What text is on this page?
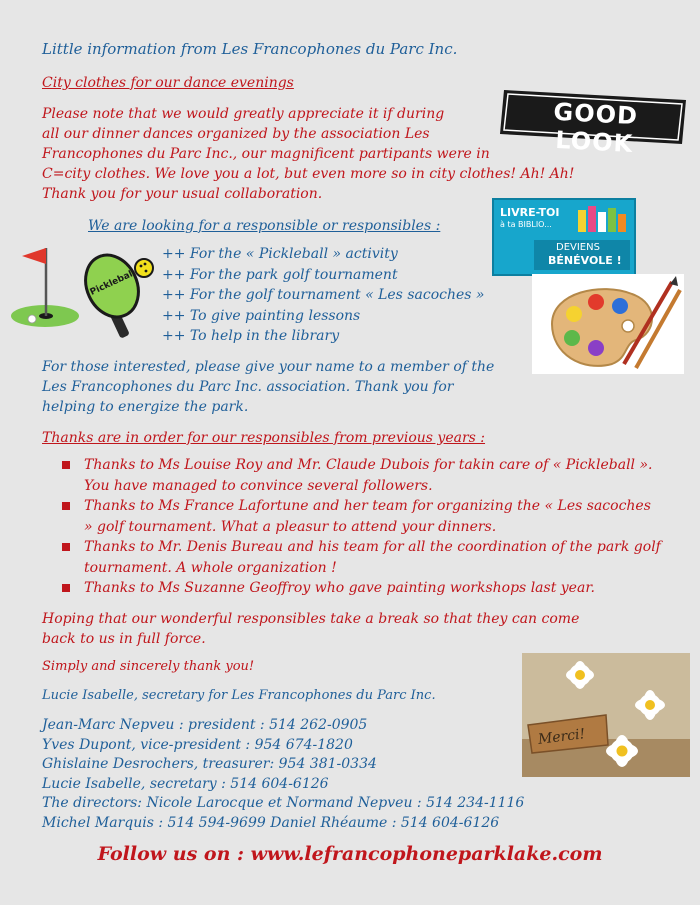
Little information from Les Francophones du Parc Inc.
City clothes for our dance evenings
Please note that we would greatly appreciate it if during
all our dinner dances organized by the association Les
Francophones du Parc Inc., our magnificent partipants were in
C=city clothes. We love you a lot, but even more so in city clothes! Ah! Ah!
Thank you for your usual collaboration.
GOOD LOOK
We are looking for a responsible or responsibles :
++ For the « Pickleball » activity
++ For the park golf tournament
++ For the golf tournament « Les sacoches »
++ To give painting lessons
++ To help in the library
Pickleball
LIVRE-TOI
à ta BIBLIO...
DEVIENS
BÉNÉVOLE !
For those interested, please give your name to a member of the
Les Francophones du Parc Inc. association. Thank you for
helping to energize the park.
Thanks are in order for our responsibles from previous years :
Thanks to Ms Louise Roy and Mr. Claude Dubois for takin care of « Pickleball ». You have managed to convince several followers.
Thanks to Ms France Lafortune and her team for organizing the « Les sacoches » golf tournament. What a pleasur to attend your dinners.
Thanks to Mr. Denis Bureau and his team for all the coordination of the park golf tournament. A whole organization !
Thanks to Ms Suzanne Geoffroy who gave painting workshops last year.
Hoping that our wonderful responsibles take a break so that they can come
back to us in full force.
Simply and sincerely thank you!
Lucie Isabelle, secretary for Les Francophones du Parc Inc.
Merci!
Jean-Marc Nepveu : president : 514 262-0905
Yves Dupont, vice-president : 954 674-1820
Ghislaine Desrochers, treasurer: 954 381-0334
Lucie Isabelle, secretary : 514 604-6126
The directors: Nicole Larocque et Normand Nepveu : 514 234-1116
Michel Marquis : 514 594-9699 Daniel Rhéaume : 514 604-6126
Follow us on : www.lefrancophoneparklake.com
